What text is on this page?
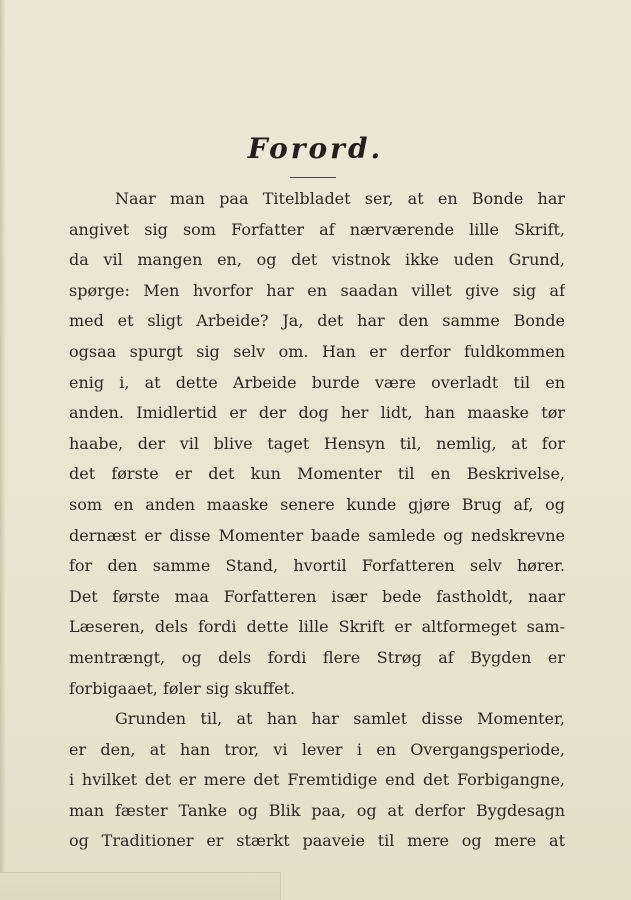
Forord.
Naar man paa Titelbladet ser, at en Bonde har
angivet sig som Forfatter af nærværende lille Skrift,
da vil mangen en, og det vistnok ikke uden Grund,
spørge: Men hvorfor har en saadan villet give sig af
med et sligt Arbeide? Ja, det har den samme Bonde
ogsaa spurgt sig selv om. Han er derfor fuldkommen
enig i, at dette Arbeide burde være overladt til en
anden. Imidlertid er der dog her lidt, han maaske tør
haabe, der vil blive taget Hensyn til, nemlig, at for
det første er det kun Momenter til en Beskrivelse,
som en anden maaske senere kunde gjøre Brug af, og
dernæst er disse Momenter baade samlede og nedskrevne
for den samme Stand, hvortil Forfatteren selv hører.
Det første maa Forfatteren især bede fastholdt, naar
Læseren, dels fordi dette lille Skrift er altformeget sam-
mentrængt, og dels fordi flere Strøg af Bygden er
forbigaaet, føler sig skuffet.
Grunden til, at han har samlet disse Momenter,
er den, at han tror, vi lever i en Overgangsperiode,
i hvilket det er mere det Fremtidige end det Forbigangne,
man fæster Tanke og Blik paa, og at derfor Bygdesagn
og Traditioner er stærkt paaveie til mere og mere at
